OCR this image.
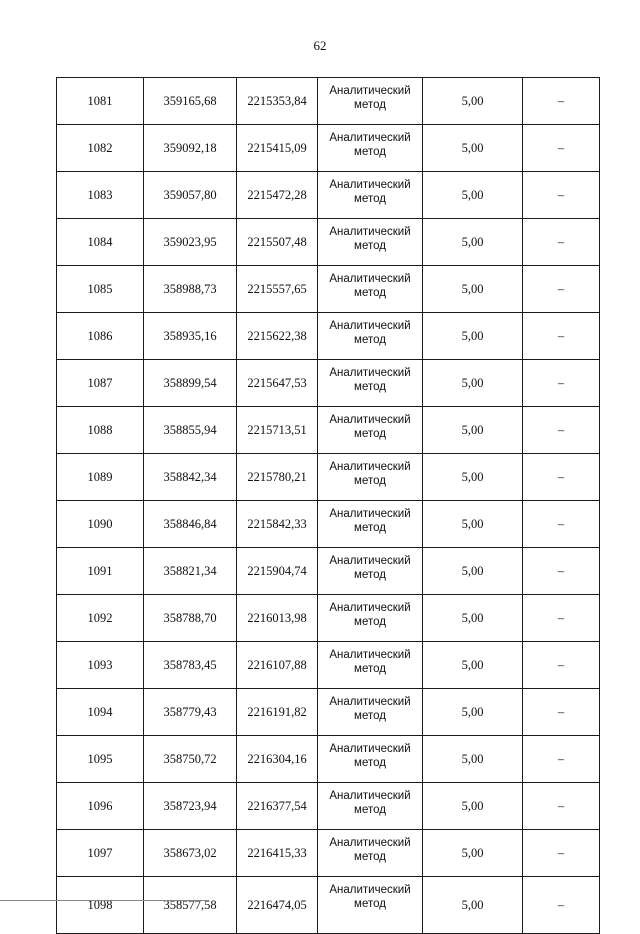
62
1081	359165,68	2215353,84	Аналитический
метод	5,00	–
1082	359092,18	2215415,09	Аналитический
метод	5,00	–
1083	359057,80	2215472,28	Аналитический
метод	5,00	–
1084	359023,95	2215507,48	Аналитический
метод	5,00	–
1085	358988,73	2215557,65	Аналитический
метод	5,00	–
1086	358935,16	2215622,38	Аналитический
метод	5,00	–
1087	358899,54	2215647,53	Аналитический
метод	5,00	–
1088	358855,94	2215713,51	Аналитический
метод	5,00	–
1089	358842,34	2215780,21	Аналитический
метод	5,00	–
1090	358846,84	2215842,33	Аналитический
метод	5,00	–
1091	358821,34	2215904,74	Аналитический
метод	5,00	–
1092	358788,70	2216013,98	Аналитический
метод	5,00	–
1093	358783,45	2216107,88	Аналитический
метод	5,00	–
1094	358779,43	2216191,82	Аналитический
метод	5,00	–
1095	358750,72	2216304,16	Аналитический
метод	5,00	–
1096	358723,94	2216377,54	Аналитический
метод	5,00	–
1097	358673,02	2216415,33	Аналитический
метод	5,00	–
1098	358577,58	2216474,05	Аналитический
метод	5,00	–
